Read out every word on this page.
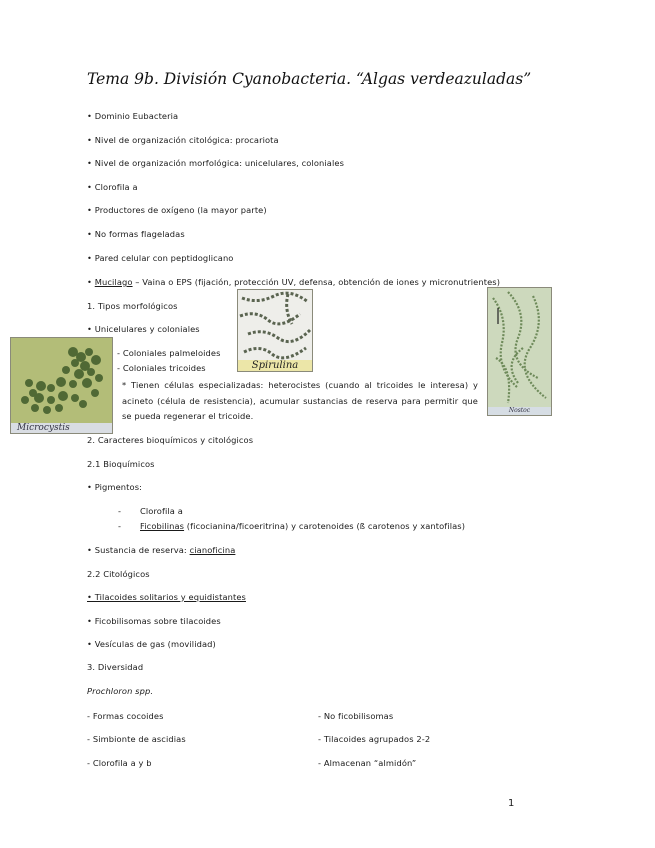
Tema 9b. División Cyanobacteria. “Algas verdeazuladas”
• Dominio Eubacteria
• Nivel de organización citológica: procariota
• Nivel de organización morfológica: unicelulares, coloniales
• Clorofila a
• Productores de oxígeno (la mayor parte)
• No formas flageladas
• Pared celular con peptidoglicano
• Mucilago – Vaina o EPS (fijación, protección UV, defensa, obtención de iones y micronutrientes)
1. Tipos morfológicos
• Unicelulares y coloniales
- Coloniales palmeloides
- Coloniales tricoides
* Tienen células especializadas: heterocistes (cuando al tricoides le interesa) y acineto (célula de resistencia), acumular sustancias de reserva para permitir que se pueda regenerar el tricoide.
2. Caracteres bioquímicos y citológicos
2.1 Bioquímicos
• Pigmentos:
- Clorofila a
- Ficobilinas (ficocianina/ficoeritrina) y carotenoides (ß carotenos y xantofilas)
• Sustancia de reserva: cianoficina
2.2 Citológicos
• Tilacoides solitarios y equidistantes
• Ficobilisomas sobre tilacoides
• Vesículas de gas (movilidad)
3. Diversidad
Prochloron spp.
- Formas cocoides
- Simbionte de ascidias
- Clorofila a y b
- No ficobilisomas
- Tilacoides agrupados 2-2
- Almacenan “almidón”
1
Microcystis
Spirulina
Nostoc
